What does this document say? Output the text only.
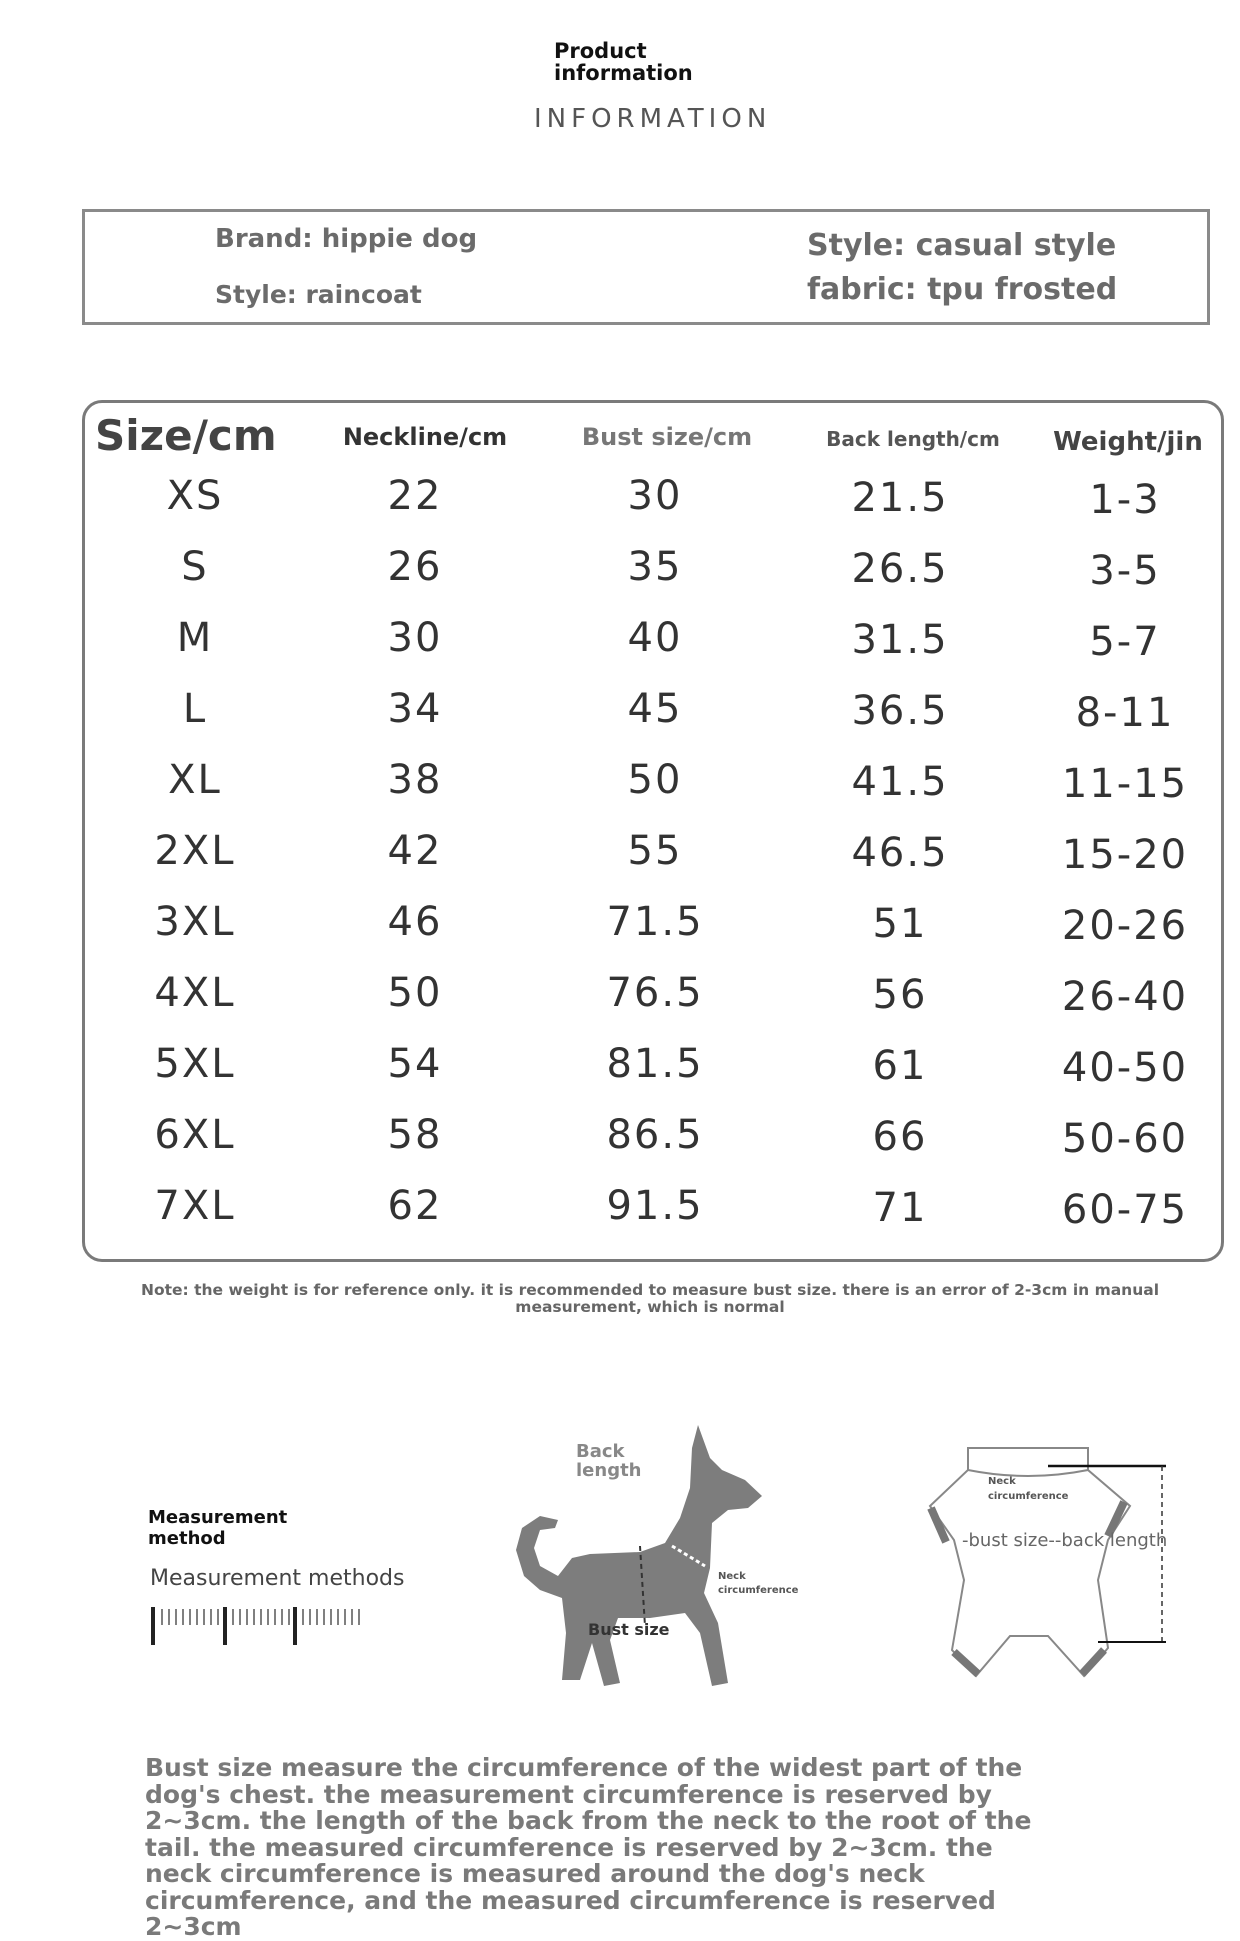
Product information
INFORMATION
Brand: hippie dog
Style: raincoat
Style: casual style
fabric: tpu frosted
Size/cm	Neckline/cm	Bust size/cm	Back length/cm	Weight/jin
XS	22	30	21.5	1-3
S	26	35	26.5	3-5
M	30	40	31.5	5-7
L	34	45	36.5	8-11
XL	38	50	41.5	11-15
2XL	42	55	46.5	15-20
3XL	46	71.5	51	20-26
4XL	50	76.5	56	26-40
5XL	54	81.5	61	40-50
6XL	58	86.5	66	50-60
7XL	62	91.5	71	60-75
Note: the weight is for reference only. it is recommended to measure bust size. there is an error of 2-3cm in manual measurement, which is normal
Measurement method
Measurement methods
Back length
Neck circumference
Bust size
Neck circumference
-bust size--back length
Bust size measure the circumference of the widest part of the dog's chest. the measurement circumference is reserved by 2~3cm. the length of the back from the neck to the root of the tail. the measured circumference is reserved by 2~3cm. the neck circumference is measured around the dog's neck circumference, and the measured circumference is reserved 2~3cm
